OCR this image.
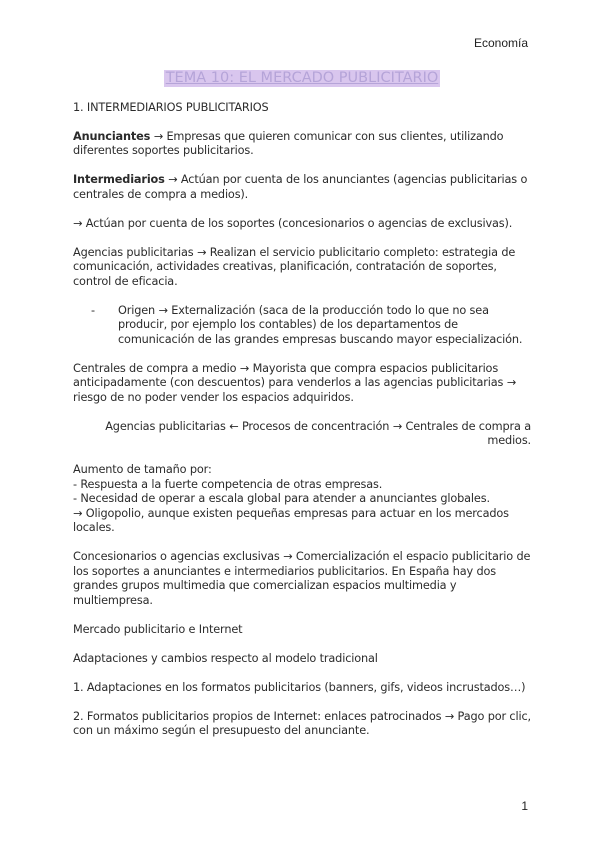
Economía
TEMA 10: EL MERCADO PUBLICITARIO

1. INTERMEDIARIOS PUBLICITARIOS

Anunciantes → Empresas que quieren comunicar con sus clientes, utilizando diferentes soportes publicitarios.

Intermediarios → Actúan por cuenta de los anunciantes (agencias publicitarias o centrales de compra a medios).

→ Actúan por cuenta de los soportes (concesionarios o agencias de exclusivas).

Agencias publicitarias → Realizan el servicio publicitario completo: estrategia de comunicación, actividades creativas, planificación, contratación de soportes, control de eficacia.

-	Origen → Externalización (saca de la producción todo lo que no sea producir, por ejemplo los contables) de los departamentos de comunicación de las grandes empresas buscando mayor especialización.

Centrales de compra a medio → Mayorista que compra espacios publicitarios anticipadamente (con descuentos) para venderlos a las agencias publicitarias → riesgo de no poder vender los espacios adquiridos.

Agencias publicitarias ← Procesos de concentración → Centrales de compra a medios.

Aumento de tamaño por:
- Respuesta a la fuerte competencia de otras empresas.
- Necesidad de operar a escala global para atender a anunciantes globales.
→ Oligopolio, aunque existen pequeñas empresas para actuar en los mercados locales.

Concesionarios o agencias exclusivas → Comercialización el espacio publicitario de los soportes a anunciantes e intermediarios publicitarios. En España hay dos grandes grupos multimedia que comercializan espacios multimedia y multiempresa.

Mercado publicitario e Internet

Adaptaciones y cambios respecto al modelo tradicional

1. Adaptaciones en los formatos publicitarios (banners, gifs, videos incrustados…)

2. Formatos publicitarios propios de Internet: enlaces patrocinados → Pago por clic, con un máximo según el presupuesto del anunciante.

1
